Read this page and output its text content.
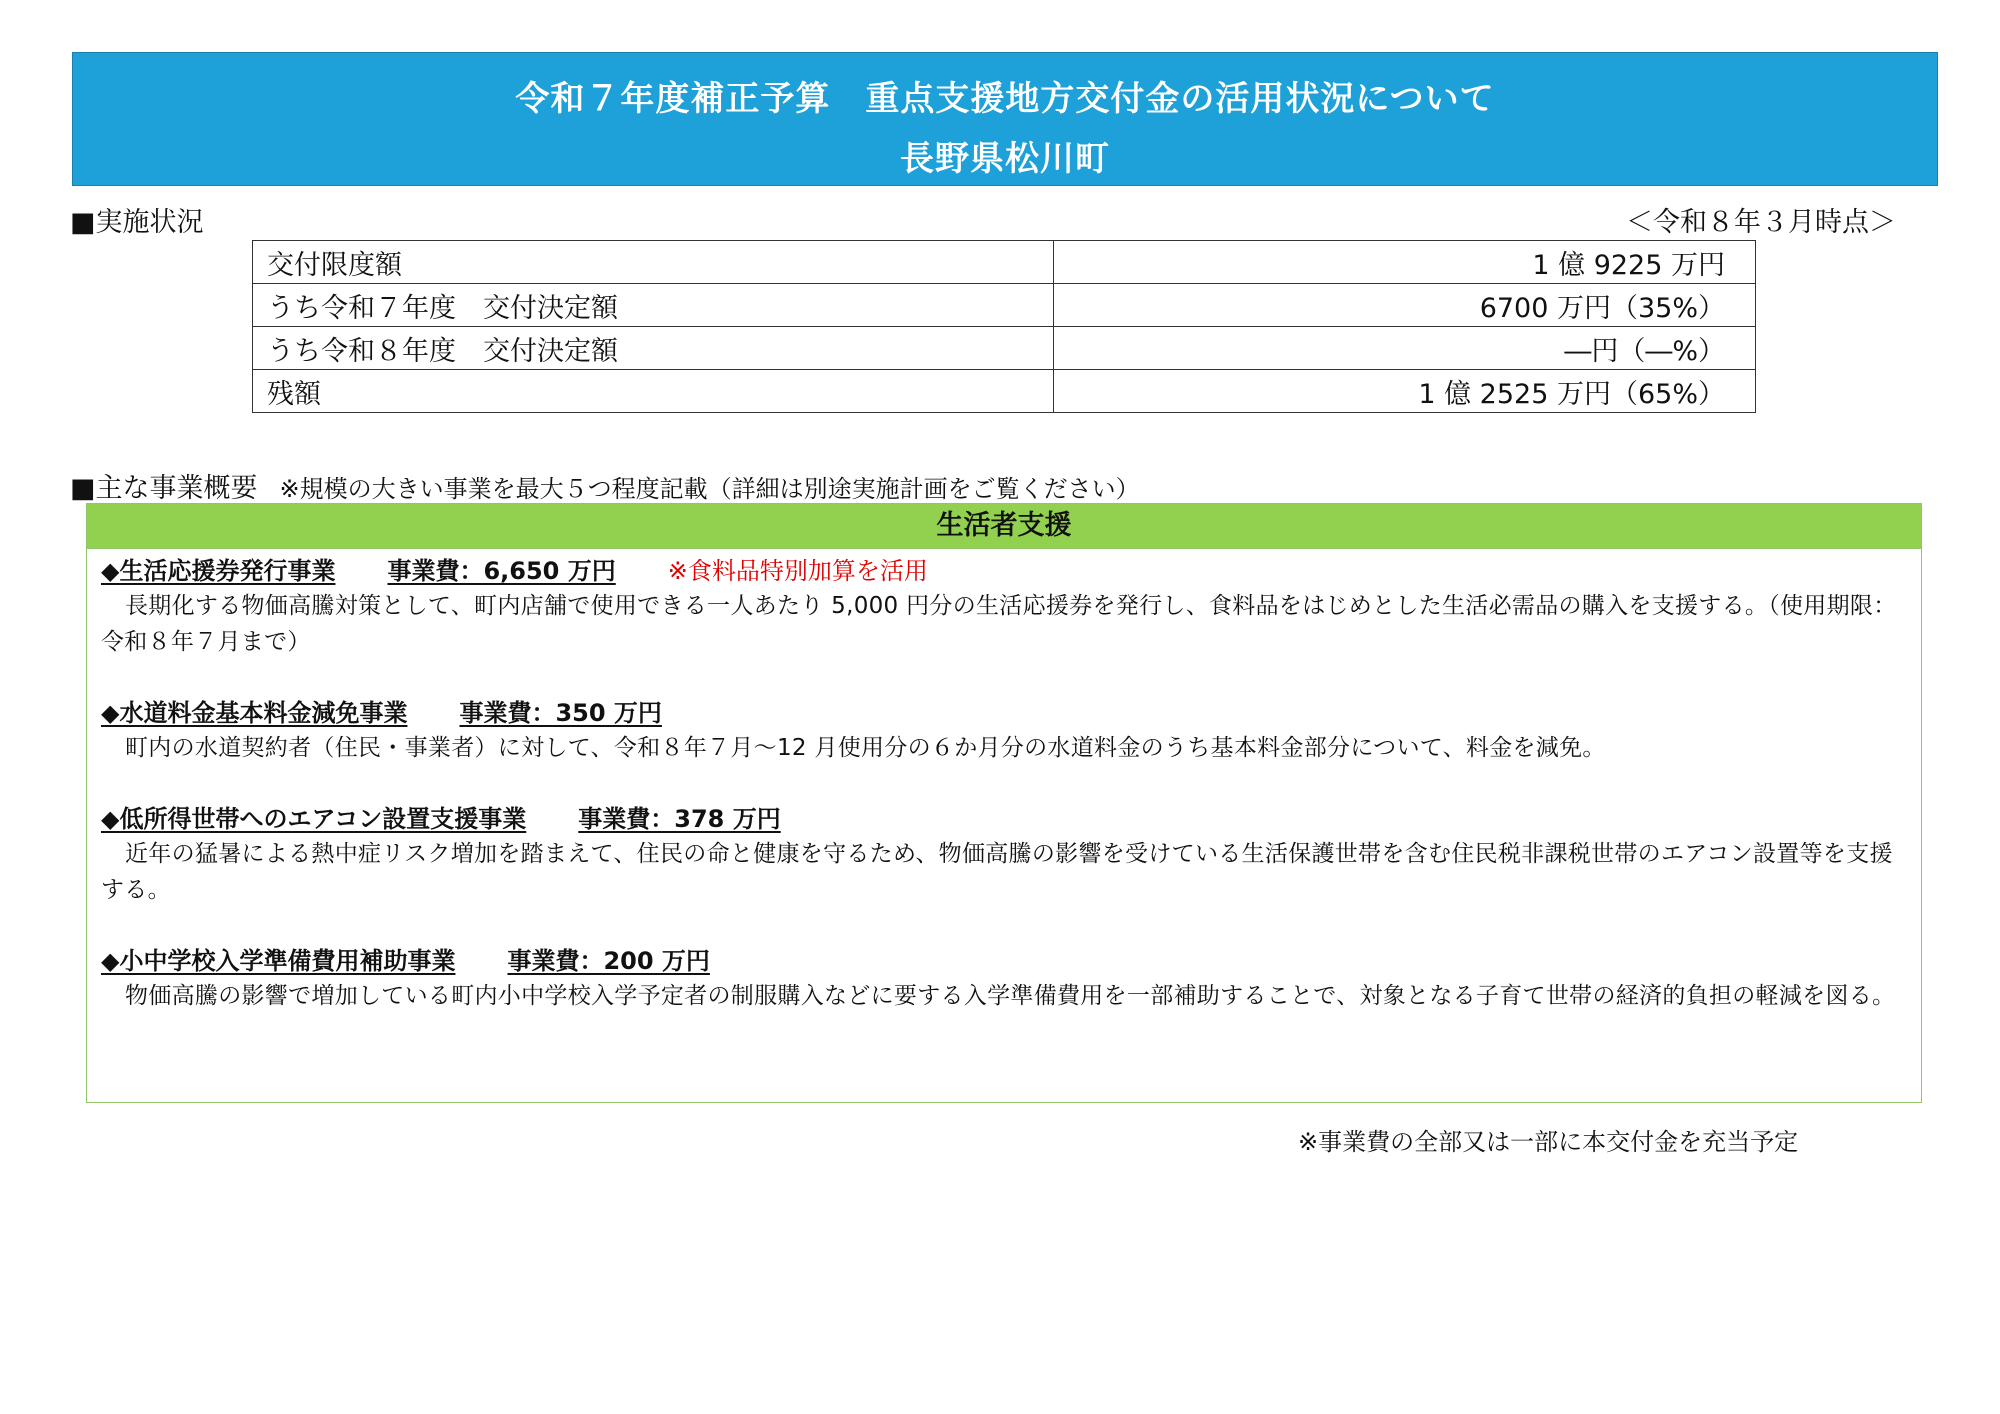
令和７年度補正予算　重点支援地方交付金の活用状況について
長野県松川町
■実施状況	＜令和８年３月時点＞
交付限度額	1 億 9225 万円
うち令和７年度　交付決定額	6700 万円（35%）
うち令和８年度　交付決定額	―円（―%）
残額	1 億 2525 万円（65%）
■主な事業概要 ※規模の大きい事業を最大５つ程度記載（詳細は別途実施計画をご覧ください）
生活者支援
◆生活応援券発行事業 事業費：6,650 万円 ※食料品特別加算を活用
長期化する物価高騰対策として、町内店舗で使用できる一人あたり 5,000 円分の生活応援券を発行し、食料品をはじめとした生活必需品の購入を支援する。（使用期限：令和８年７月まで）
◆水道料金基本料金減免事業 事業費：350 万円
町内の水道契約者（住民・事業者）に対して、令和８年７月～12 月使用分の６か月分の水道料金のうち基本料金部分について、料金を減免。
◆低所得世帯へのエアコン設置支援事業 事業費：378 万円
近年の猛暑による熱中症リスク増加を踏まえて、住民の命と健康を守るため、物価高騰の影響を受けている生活保護世帯を含む住民税非課税世帯のエアコン設置等を支援する。
◆小中学校入学準備費用補助事業 事業費：200 万円
物価高騰の影響で増加している町内小中学校入学予定者の制服購入などに要する入学準備費用を一部補助することで、対象となる子育て世帯の経済的負担の軽減を図る。
※事業費の全部又は一部に本交付金を充当予定
